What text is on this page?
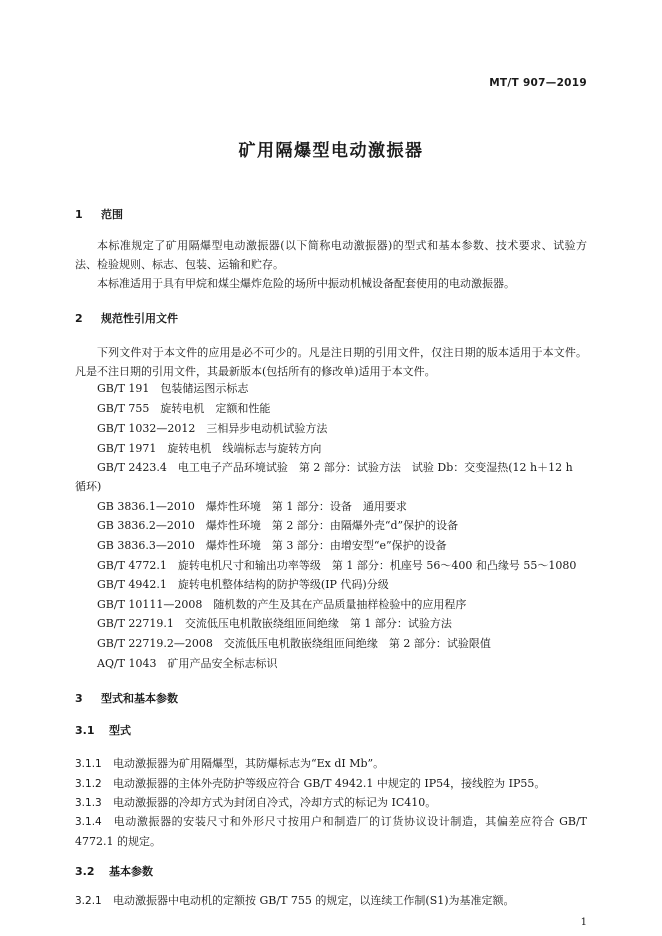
MT/T 907—2019
矿用隔爆型电动激振器
1 范围
本标准规定了矿用隔爆型电动激振器(以下简称电动激振器)的型式和基本参数、技术要求、试验方法、检验规则、标志、包装、运输和贮存。
本标准适用于具有甲烷和煤尘爆炸危险的场所中振动机械设备配套使用的电动激振器。
2 规范性引用文件
下列文件对于本文件的应用是必不可少的。凡是注日期的引用文件，仅注日期的版本适用于本文件。凡是不注日期的引用文件，其最新版本(包括所有的修改单)适用于本文件。
GB/T 191　包装储运图示标志
GB/T 755　旋转电机　定额和性能
GB/T 1032—2012　三相异步电动机试验方法
GB/T 1971　旋转电机　线端标志与旋转方向
GB/T 2423.4　电工电子产品环境试验　第 2 部分：试验方法　试验 Db：交变湿热(12 h＋12 h 循环)
GB 3836.1—2010　爆炸性环境　第 1 部分：设备　通用要求
GB 3836.2—2010　爆炸性环境　第 2 部分：由隔爆外壳“d”保护的设备
GB 3836.3—2010　爆炸性环境　第 3 部分：由增安型“e”保护的设备
GB/T 4772.1　旋转电机尺寸和输出功率等级　第 1 部分：机座号 56～400 和凸缘号 55～1080
GB/T 4942.1　旋转电机整体结构的防护等级(IP 代码)分级
GB/T 10111—2008　随机数的产生及其在产品质量抽样检验中的应用程序
GB/T 22719.1　交流低压电机散嵌绕组匝间绝缘　第 1 部分：试验方法
GB/T 22719.2—2008　交流低压电机散嵌绕组匝间绝缘　第 2 部分：试验限值
AQ/T 1043　矿用产品安全标志标识
3 型式和基本参数
3.1 型式
3.1.1 电动激振器为矿用隔爆型，其防爆标志为“Ex dI Mb”。
3.1.2 电动激振器的主体外壳防护等级应符合 GB/T 4942.1 中规定的 IP54，接线腔为 IP55。
3.1.3 电动激振器的冷却方式为封闭自冷式，冷却方式的标记为 IC410。
3.1.4 电动激振器的安装尺寸和外形尺寸按用户和制造厂的订货协议设计制造，其偏差应符合 GB/T 4772.1 的规定。
1
3.2 基本参数
3.2.1 电动激振器中电动机的定额按 GB/T 755 的规定，以连续工作制(S1)为基准定额。
